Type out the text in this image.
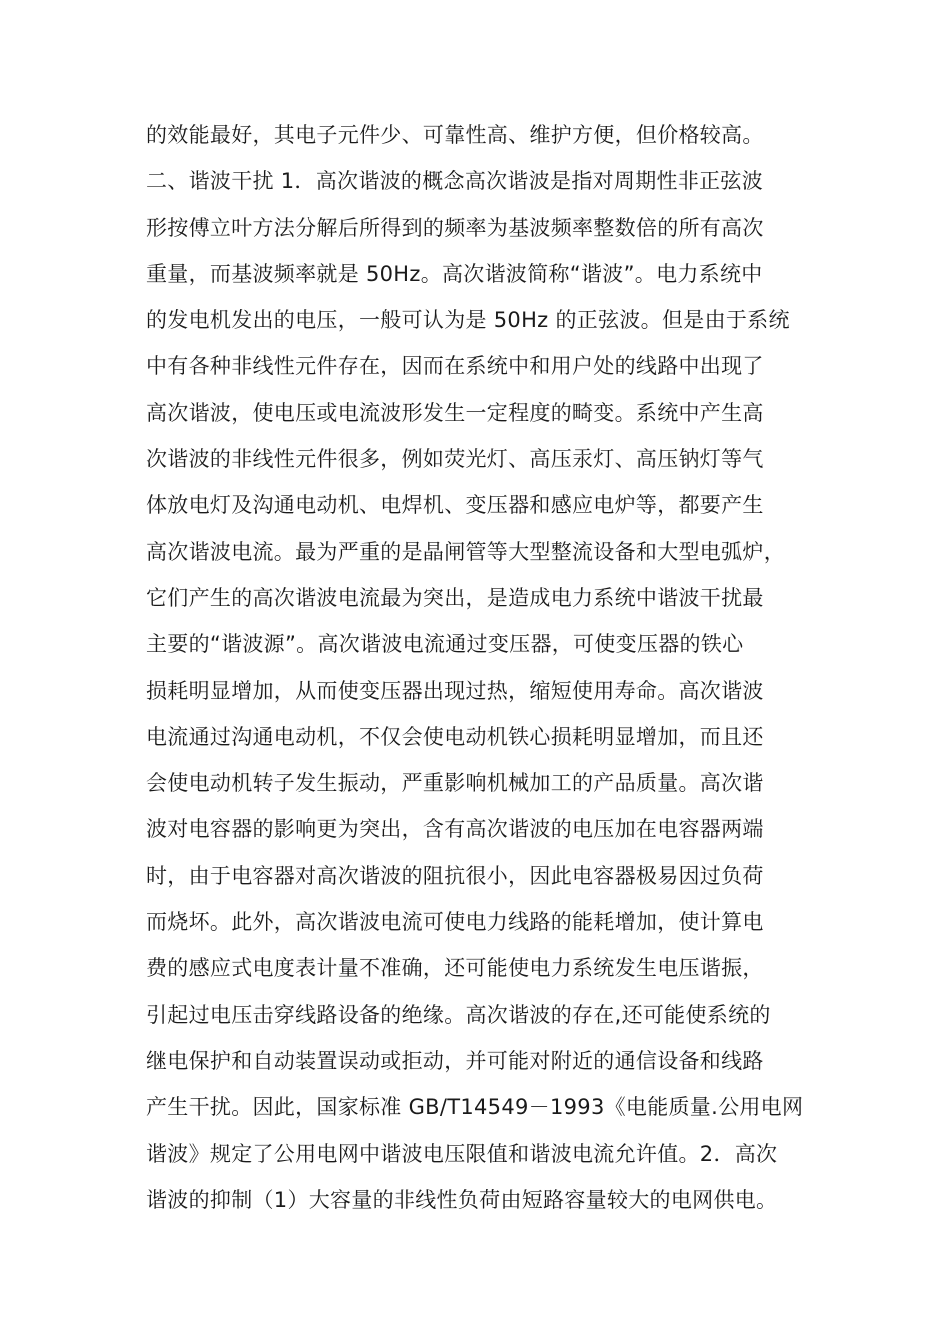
的效能最好，其电子元件少、可靠性高、维护方便，但价格较高。
二、谐波干扰 1．高次谐波的概念高次谐波是指对周期性非正弦波
形按傅立叶方法分解后所得到的频率为基波频率整数倍的所有高次
重量，而基波频率就是 50Hz。高次谐波简称“谐波”。电力系统中
的发电机发出的电压，一般可认为是 50Hz 的正弦波。但是由于系统
中有各种非线性元件存在，因而在系统中和用户处的线路中出现了
高次谐波，使电压或电流波形发生一定程度的畸变。系统中产生高
次谐波的非线性元件很多，例如荧光灯、高压汞灯、高压钠灯等气
体放电灯及沟通电动机、电焊机、变压器和感应电炉等，都要产生
高次谐波电流。最为严重的是晶闸管等大型整流设备和大型电弧炉，
它们产生的高次谐波电流最为突出，是造成电力系统中谐波干扰最
主要的“谐波源”。高次谐波电流通过变压器，可使变压器的铁心
损耗明显增加，从而使变压器出现过热，缩短使用寿命。高次谐波
电流通过沟通电动机，不仅会使电动机铁心损耗明显增加，而且还
会使电动机转子发生振动，严重影响机械加工的产品质量。高次谐
波对电容器的影响更为突出，含有高次谐波的电压加在电容器两端
时，由于电容器对高次谐波的阻抗很小，因此电容器极易因过负荷
而烧坏。此外，高次谐波电流可使电力线路的能耗增加，使计算电
费的感应式电度表计量不准确，还可能使电力系统发生电压谐振，
引起过电压击穿线路设备的绝缘。高次谐波的存在,还可能使系统的
继电保护和自动装置误动或拒动，并可能对附近的通信设备和线路
产生干扰。因此，国家标准 GB/T14549－1993《电能质量.公用电网
谐波》规定了公用电网中谐波电压限值和谐波电流允许值。2．高次
谐波的抑制（1）大容量的非线性负荷由短路容量较大的电网供电。
